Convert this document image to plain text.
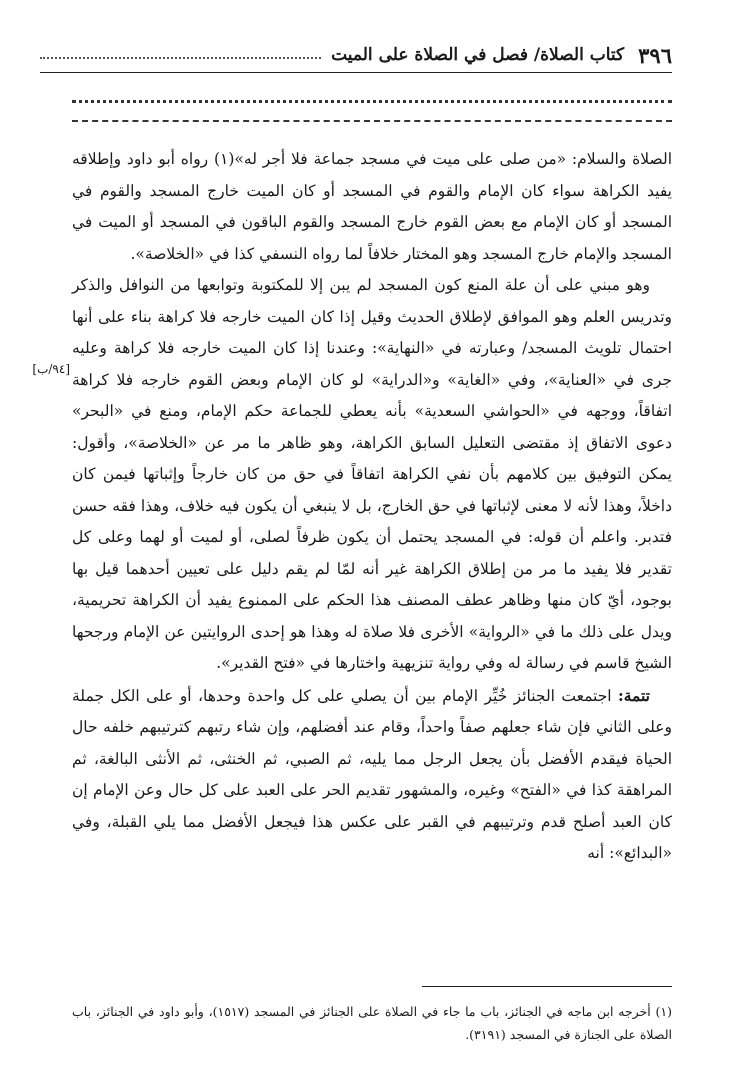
٣٩٦
كتاب الصلاة/ فصل في الصلاة على الميت
[٩٤/ب]

الصلاة والسلام: «من صلى على ميت في مسجد جماعة فلا أجر له»(١) رواه أبو داود وإطلاقه يفيد الكراهة سواء كان الإمام والقوم في المسجد أو كان الميت خارج المسجد والقوم في المسجد أو كان الإمام مع بعض القوم خارج المسجد والقوم الباقون في المسجد أو الميت في المسجد والإمام خارج المسجد وهو المختار خلافاً لما رواه النسفي كذا في «الخلاصة».

وهو مبني على أن علة المنع كون المسجد لم يبن إلا للمكتوبة وتوابعها من النوافل والذكر وتدريس العلم وهو الموافق لإطلاق الحديث وقيل إذا كان الميت خارجه فلا كراهة بناء على أنها احتمال تلويث المسجد/ وعبارته في «النهاية»: وعندنا إذا كان الميت خارجه فلا كراهة وعليه جرى في «العناية»، وفي «الغاية» و«الدراية» لو كان الإمام وبعض القوم خارجه فلا كراهة اتفاقاً، ووجهه في «الحواشي السعدية» بأنه يعطي للجماعة حكم الإمام، ومنع في «البحر» دعوى الاتفاق إذ مقتضى التعليل السابق الكراهة، وهو ظاهر ما مر عن «الخلاصة»، وأقول: يمكن التوفيق بين كلامهم بأن نفي الكراهة اتفاقاً في حق من كان خارجاً وإثباتها فيمن كان داخلاً، وهذا لأنه لا معنى لإثباتها في حق الخارج، بل لا ينبغي أن يكون فيه خلاف، وهذا فقه حسن فتدبر. واعلم أن قوله: في المسجد يحتمل أن يكون ظرفاً لصلى، أو لميت أو لهما وعلى كل تقدير فلا يفيد ما مر من إطلاق الكراهة غير أنه لمّا لم يقم دليل على تعيين أحدهما قيل بها بوجود، أيّ كان منها وظاهر عطف المصنف هذا الحكم على الممنوع يفيد أن الكراهة تحريمية، ويدل على ذلك ما في «الرواية» الأخرى فلا صلاة له وهذا هو إحدى الروايتين عن الإمام ورجحها الشيخ قاسم في رسالة له وفي رواية تنزيهية واختارها في «فتح القدير».

تتمة: اجتمعت الجنائز خُيِّر الإمام بين أن يصلي على كل واحدة وحدها، أو على الكل جملة وعلى الثاني فإن شاء جعلهم صفاً واحداً، وقام عند أفضلهم، وإن شاء رتبهم كترتيبهم خلفه حال الحياة فيقدم الأفضل بأن يجعل الرجل مما يليه، ثم الصبي، ثم الخنثى، ثم الأنثى البالغة، ثم المراهقة كذا في «الفتح» وغيره، والمشهور تقديم الحر على العبد على كل حال وعن الإمام إن كان العبد أصلح قدم وترتيبهم في القبر على عكس هذا فيجعل الأفضل مما يلي القبلة، وفي «البدائع»: أنه

(١) أخرجه ابن ماجه في الجنائز، باب ما جاء في الصلاة على الجنائز في المسجد (١٥١٧)، وأبو داود في الجنائز، باب الصلاة على الجنازة في المسجد (٣١٩١).
